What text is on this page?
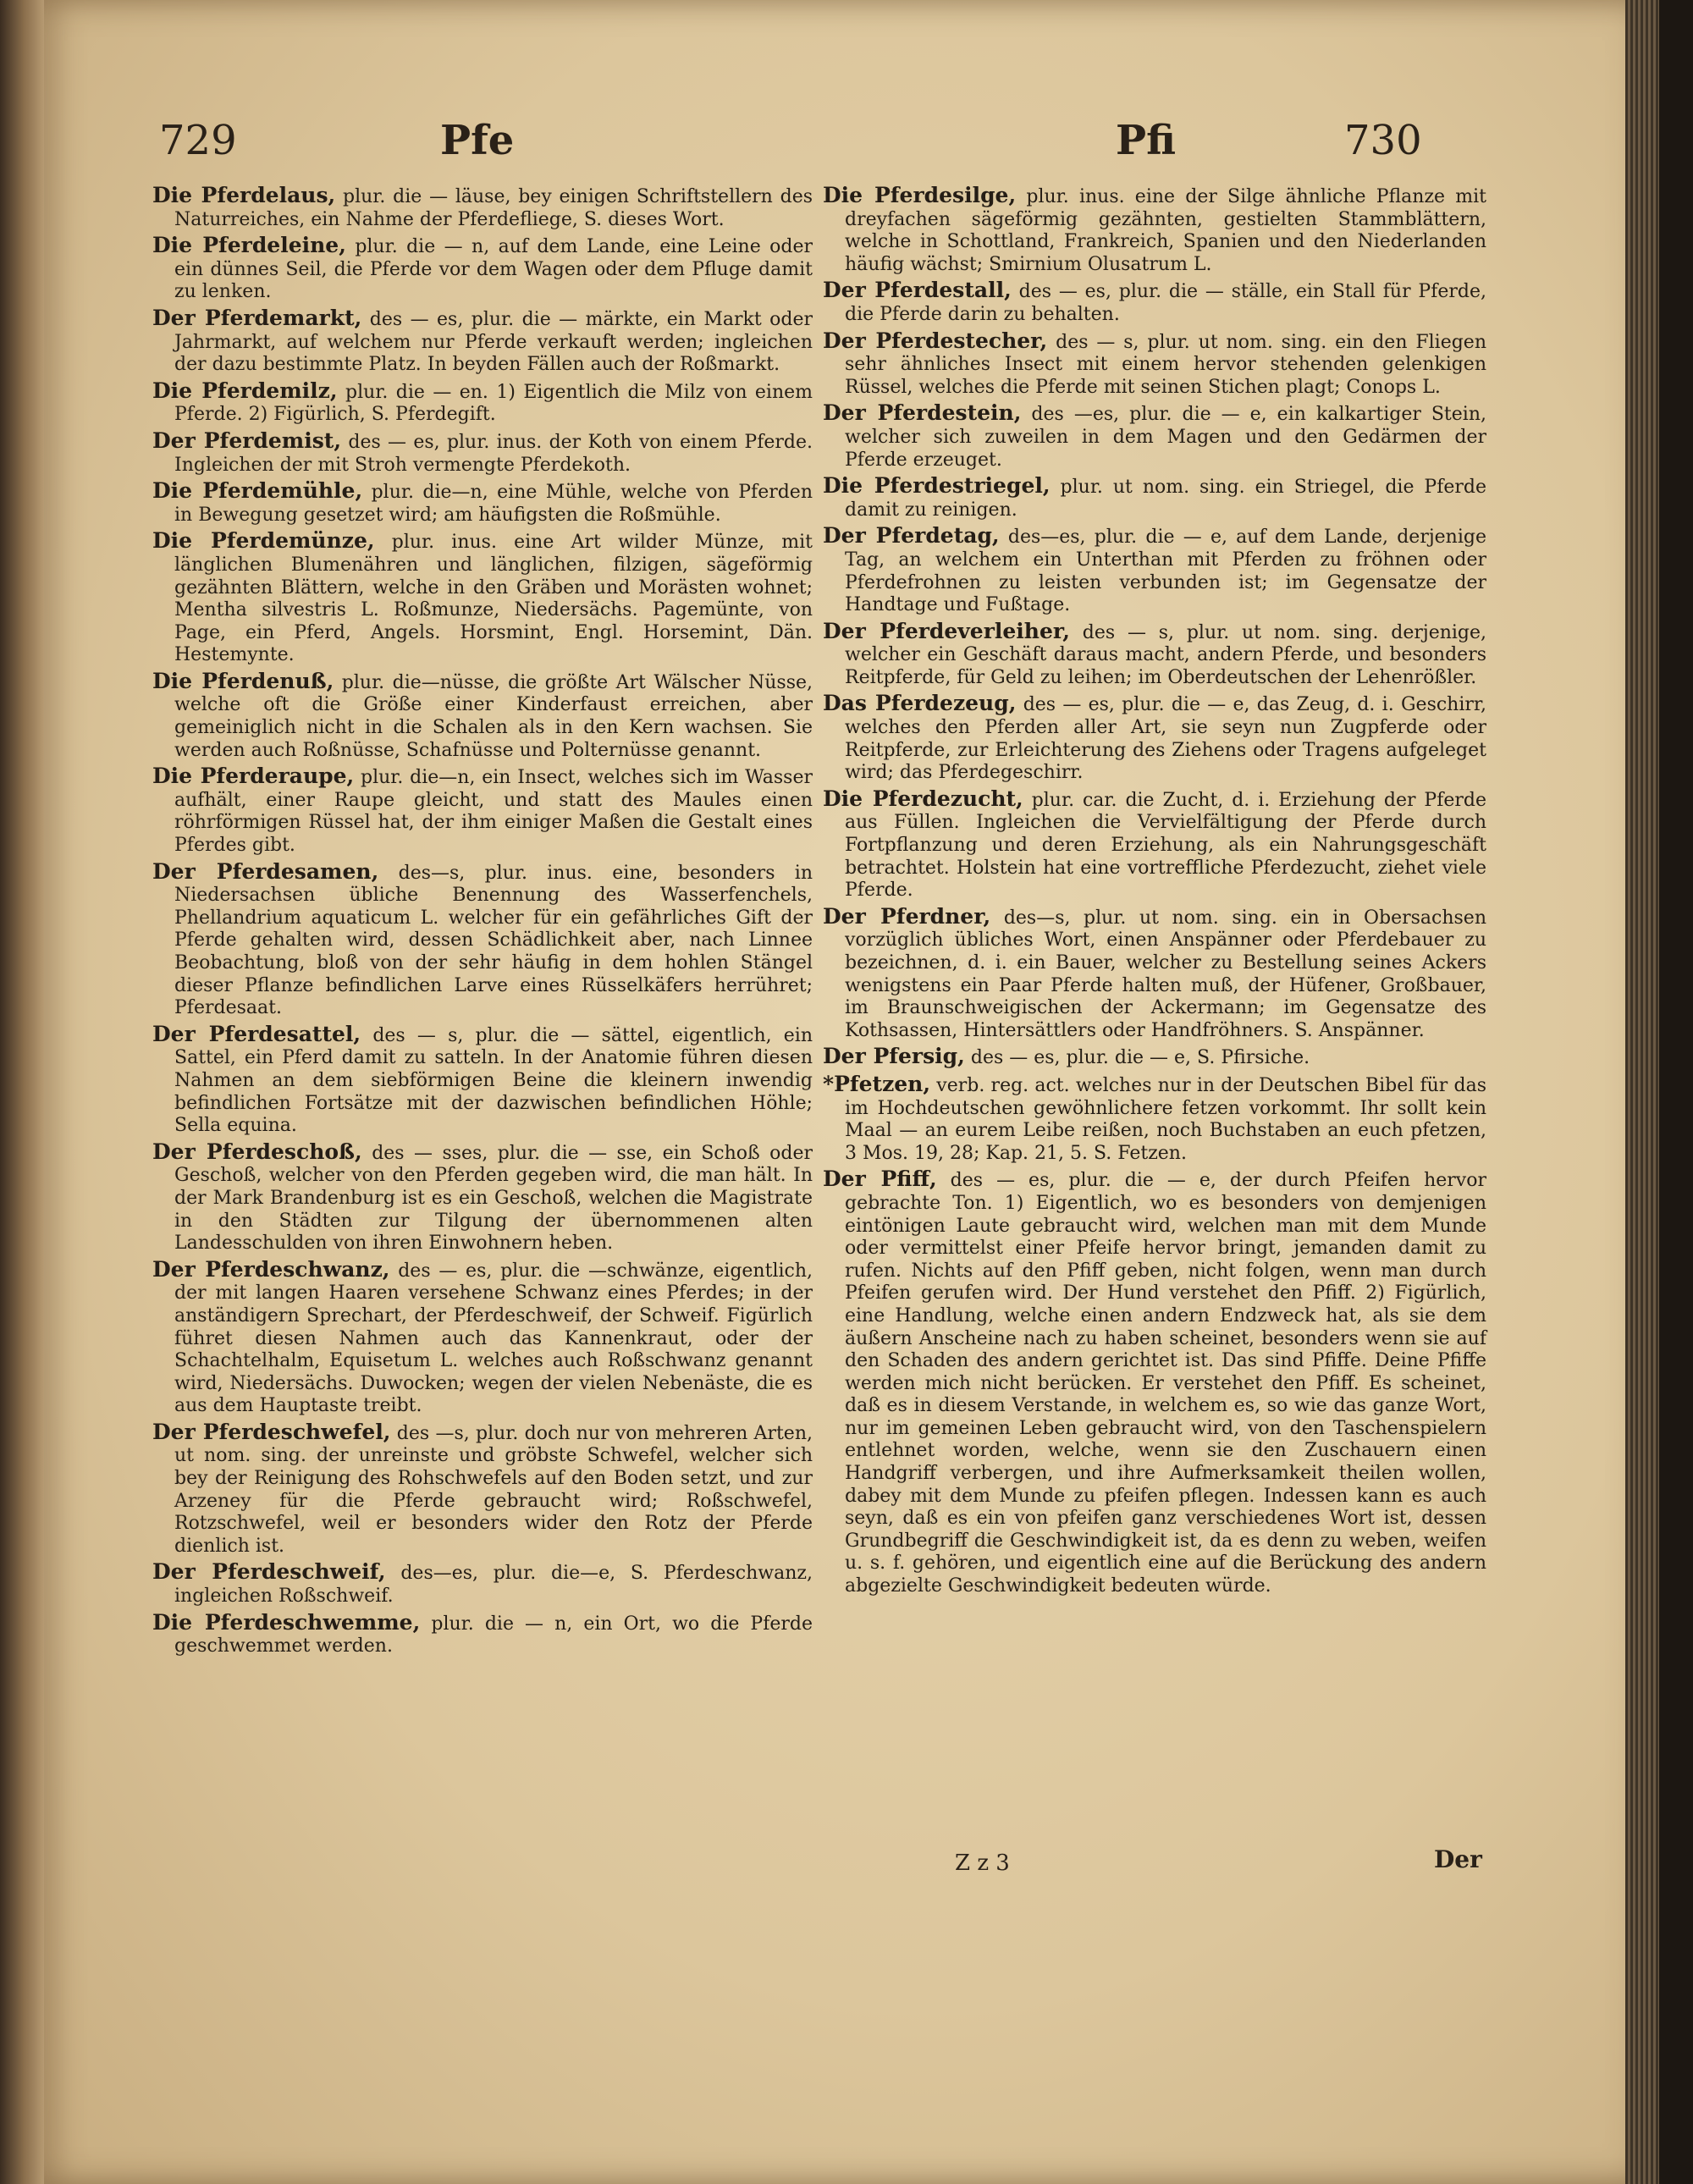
729	Pfe	Pfi	730

Die Pferdelaus, plur. die — läuse, bey einigen Schriftstellern des Naturreiches, ein Nahme der Pferdefliege, S. dieses Wort.

Die Pferdeleine, plur. die — n, auf dem Lande, eine Leine oder ein dünnes Seil, die Pferde vor dem Wagen oder dem Pfluge damit zu lenken.

Der Pferdemarkt, des — es, plur. die — märkte, ein Markt oder Jahrmarkt, auf welchem nur Pferde verkauft werden; ingleichen der dazu bestimmte Platz. In beyden Fällen auch der Roßmarkt.

Die Pferdemilz, plur. die — en. 1) Eigentlich die Milz von einem Pferde. 2) Figürlich, S. Pferdegift.

Der Pferdemist, des — es, plur. inus. der Koth von einem Pferde. Ingleichen der mit Stroh vermengte Pferdekoth.

Die Pferdemühle, plur. die—n, eine Mühle, welche von Pferden in Bewegung gesetzet wird; am häufigsten die Roßmühle.

Die Pferdemünze, plur. inus. eine Art wilder Münze, mit länglichen Blumenähren und länglichen, filzigen, sägeförmig gezähnten Blättern, welche in den Gräben und Morästen wohnet; Mentha silvestris L. Roßmunze, Niedersächs. Pagemünte, von Page, ein Pferd, Angels. Horsmint, Engl. Horsemint, Dän. Hestemynte.

Die Pferdenuß, plur. die—nüsse, die größte Art Wälscher Nüsse, welche oft die Größe einer Kinderfaust erreichen, aber gemeiniglich nicht in die Schalen als in den Kern wachsen. Sie werden auch Roßnüsse, Schafnüsse und Polternüsse genannt.

Die Pferderaupe, plur. die—n, ein Insect, welches sich im Wasser aufhält, einer Raupe gleicht, und statt des Maules einen röhrförmigen Rüssel hat, der ihm einiger Maßen die Gestalt eines Pferdes gibt.

Der Pferdesamen, des—s, plur. inus. eine, besonders in Niedersachsen übliche Benennung des Wasserfenchels, Phellandrium aquaticum L. welcher für ein gefährliches Gift der Pferde gehalten wird, dessen Schädlichkeit aber, nach Linnee Beobachtung, bloß von der sehr häufig in dem hohlen Stängel dieser Pflanze befindlichen Larve eines Rüsselkäfers herrühret; Pferdesaat.

Der Pferdesattel, des — s, plur. die — sättel, eigentlich, ein Sattel, ein Pferd damit zu satteln. In der Anatomie führen diesen Nahmen an dem siebförmigen Beine die kleinern inwendig befindlichen Fortsätze mit der dazwischen befindlichen Höhle; Sella equina.

Der Pferdeschoß, des — sses, plur. die — sse, ein Schoß oder Geschoß, welcher von den Pferden gegeben wird, die man hält. In der Mark Brandenburg ist es ein Geschoß, welchen die Magistrate in den Städten zur Tilgung der übernommenen alten Landesschulden von ihren Einwohnern heben.

Der Pferdeschwanz, des — es, plur. die —schwänze, eigentlich, der mit langen Haaren versehene Schwanz eines Pferdes; in der anständigern Sprechart, der Pferdeschweif, der Schweif. Figürlich führet diesen Nahmen auch das Kannenkraut, oder der Schachtelhalm, Equisetum L. welches auch Roßschwanz genannt wird, Niedersächs. Duwocken; wegen der vielen Nebenäste, die es aus dem Hauptaste treibt.

Der Pferdeschwefel, des —s, plur. doch nur von mehreren Arten, ut nom. sing. der unreinste und gröbste Schwefel, welcher sich bey der Reinigung des Rohschwefels auf den Boden setzt, und zur Arzeney für die Pferde gebraucht wird; Roßschwefel, Rotzschwefel, weil er besonders wider den Rotz der Pferde dienlich ist.

Der Pferdeschweif, des—es, plur. die—e, S. Pferdeschwanz, ingleichen Roßschweif.

Die Pferdeschwemme, plur. die — n, ein Ort, wo die Pferde geschwemmet werden.

Die Pferdesilge, plur. inus. eine der Silge ähnliche Pflanze mit dreyfachen sägeförmig gezähnten, gestielten Stammblättern, welche in Schottland, Frankreich, Spanien und den Niederlanden häufig wächst; Smirnium Olusatrum L.

Der Pferdestall, des — es, plur. die — ställe, ein Stall für Pferde, die Pferde darin zu behalten.

Der Pferdestecher, des — s, plur. ut nom. sing. ein den Fliegen sehr ähnliches Insect mit einem hervor stehenden gelenkigen Rüssel, welches die Pferde mit seinen Stichen plagt; Conops L.

Der Pferdestein, des —es, plur. die — e, ein kalkartiger Stein, welcher sich zuweilen in dem Magen und den Gedärmen der Pferde erzeuget.

Die Pferdestriegel, plur. ut nom. sing. ein Striegel, die Pferde damit zu reinigen.

Der Pferdetag, des—es, plur. die — e, auf dem Lande, derjenige Tag, an welchem ein Unterthan mit Pferden zu fröhnen oder Pferdefrohnen zu leisten verbunden ist; im Gegensatze der Handtage und Fußtage.

Der Pferdeverleiher, des — s, plur. ut nom. sing. derjenige, welcher ein Geschäft daraus macht, andern Pferde, und besonders Reitpferde, für Geld zu leihen; im Oberdeutschen der Lehenrößler.

Das Pferdezeug, des — es, plur. die — e, das Zeug, d. i. Geschirr, welches den Pferden aller Art, sie seyn nun Zugpferde oder Reitpferde, zur Erleichterung des Ziehens oder Tragens aufgeleget wird; das Pferdegeschirr.

Die Pferdezucht, plur. car. die Zucht, d. i. Erziehung der Pferde aus Füllen. Ingleichen die Vervielfältigung der Pferde durch Fortpflanzung und deren Erziehung, als ein Nahrungsgeschäft betrachtet. Holstein hat eine vortreffliche Pferdezucht, ziehet viele Pferde.

Der Pferdner, des—s, plur. ut nom. sing. ein in Obersachsen vorzüglich übliches Wort, einen Anspänner oder Pferdebauer zu bezeichnen, d. i. ein Bauer, welcher zu Bestellung seines Ackers wenigstens ein Paar Pferde halten muß, der Hüfener, Großbauer, im Braunschweigischen der Ackermann; im Gegensatze des Kothsassen, Hintersättlers oder Handfröhners. S. Anspänner.

Der Pfersig, des — es, plur. die — e, S. Pfirsiche.

*Pfetzen, verb. reg. act. welches nur in der Deutschen Bibel für das im Hochdeutschen gewöhnlichere fetzen vorkommt. Ihr sollt kein Maal — an eurem Leibe reißen, noch Buchstaben an euch pfetzen, 3 Mos. 19, 28; Kap. 21, 5. S. Fetzen.

Der Pfiff, des — es, plur. die — e, der durch Pfeifen hervor gebrachte Ton. 1) Eigentlich, wo es besonders von demjenigen eintönigen Laute gebraucht wird, welchen man mit dem Munde oder vermittelst einer Pfeife hervor bringt, jemanden damit zu rufen. Nichts auf den Pfiff geben, nicht folgen, wenn man durch Pfeifen gerufen wird. Der Hund verstehet den Pfiff. 2) Figürlich, eine Handlung, welche einen andern Endzweck hat, als sie dem äußern Anscheine nach zu haben scheinet, besonders wenn sie auf den Schaden des andern gerichtet ist. Das sind Pfiffe. Deine Pfiffe werden mich nicht berücken. Er verstehet den Pfiff. Es scheinet, daß es in diesem Verstande, in welchem es, so wie das ganze Wort, nur im gemeinen Leben gebraucht wird, von den Taschenspielern entlehnet worden, welche, wenn sie den Zuschauern einen Handgriff verbergen, und ihre Aufmerksamkeit theilen wollen, dabey mit dem Munde zu pfeifen pflegen. Indessen kann es auch seyn, daß es ein von pfeifen ganz verschiedenes Wort ist, dessen Grundbegriff die Geschwindigkeit ist, da es denn zu weben, weifen u. s. f. gehören, und eigentlich eine auf die Berückung des andern abgezielte Geschwindigkeit bedeuten würde.

Z z 3	Der
